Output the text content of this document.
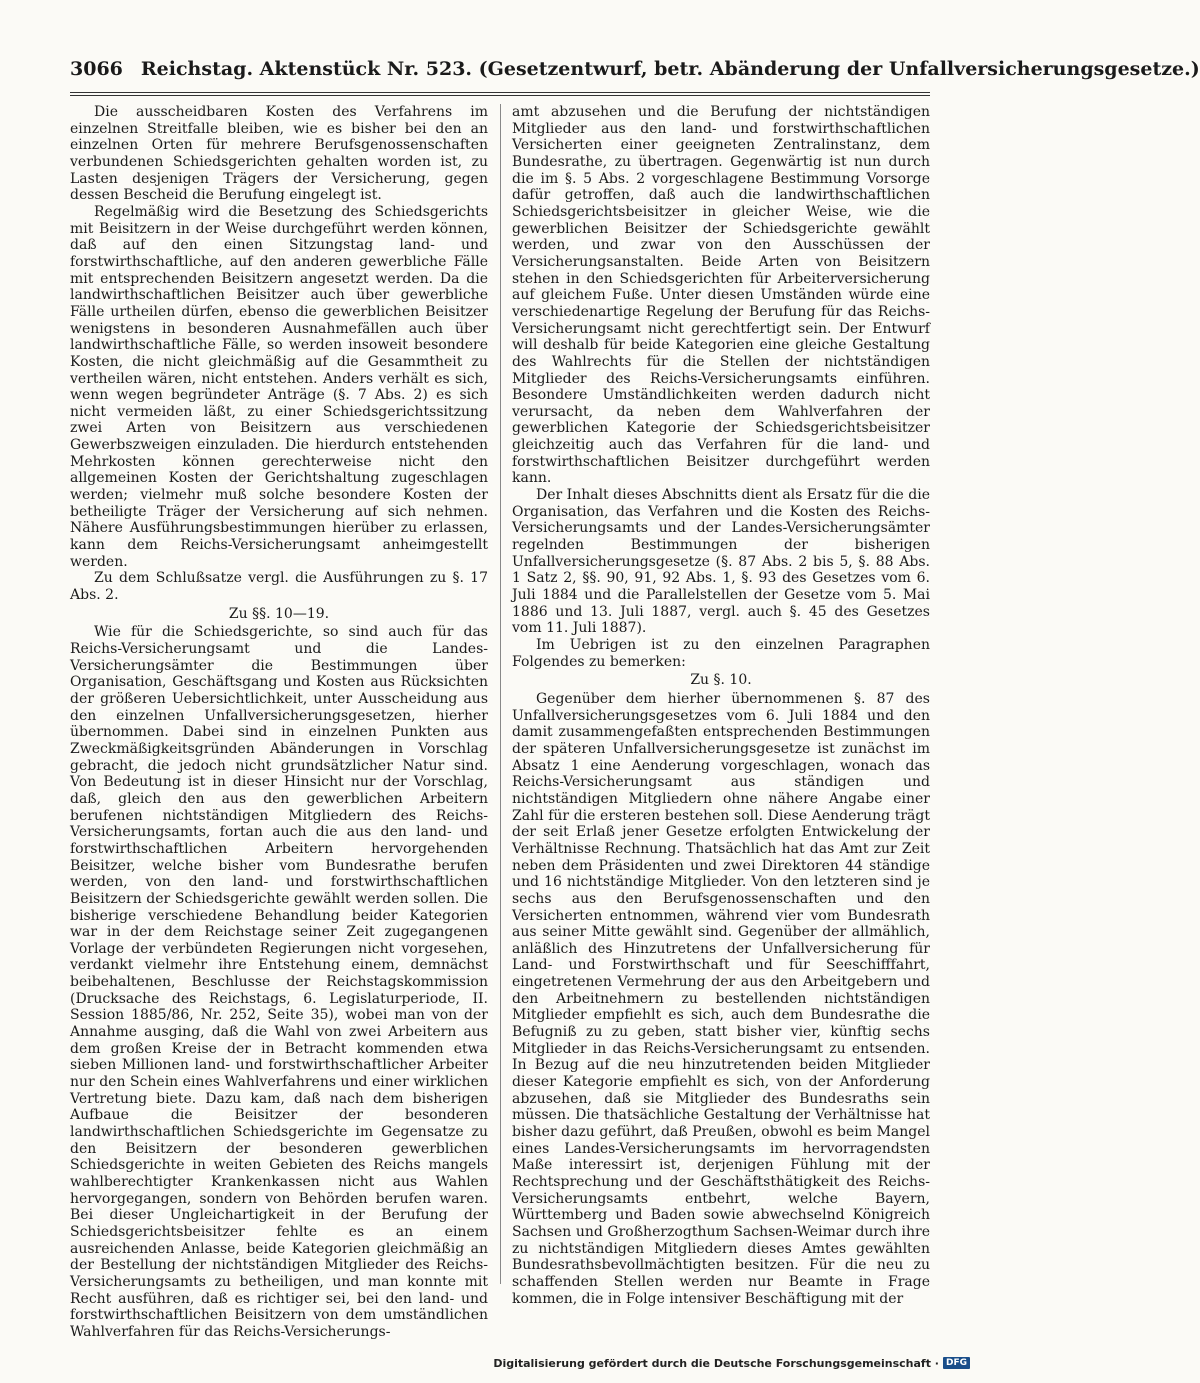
3066 Reichstag. Aktenstück Nr. 523. (Gesetzentwurf, betr. Abänderung der Unfallversicherungsgesetze.)

Die ausscheidbaren Kosten des Verfahrens im einzelnen Streitfalle bleiben, wie es bisher bei den an einzelnen Orten für mehrere Berufsgenossenschaften verbundenen Schiedsgerichten gehalten worden ist, zu Lasten desjenigen Trägers der Versicherung, gegen dessen Bescheid die Berufung eingelegt ist.

Regelmäßig wird die Besetzung des Schiedsgerichts mit Beisitzern in der Weise durchgeführt werden können, daß auf den einen Sitzungstag land- und forstwirthschaftliche, auf den anderen gewerbliche Fälle mit entsprechenden Beisitzern angesetzt werden. Da die landwirthschaftlichen Beisitzer auch über gewerbliche Fälle urtheilen dürfen, ebenso die gewerblichen Beisitzer wenigstens in besonderen Ausnahmefällen auch über landwirthschaftliche Fälle, so werden insoweit besondere Kosten, die nicht gleichmäßig auf die Gesammtheit zu vertheilen wären, nicht entstehen. Anders verhält es sich, wenn wegen begründeter Anträge (§. 7 Abs. 2) es sich nicht vermeiden läßt, zu einer Schiedsgerichtssitzung zwei Arten von Beisitzern aus verschiedenen Gewerbszweigen einzuladen. Die hierdurch entstehenden Mehrkosten können gerechterweise nicht den allgemeinen Kosten der Gerichtshaltung zugeschlagen werden; vielmehr muß solche besondere Kosten der betheiligte Träger der Versicherung auf sich nehmen. Nähere Ausführungsbestimmungen hierüber zu erlassen, kann dem Reichs-Versicherungsamt anheimgestellt werden.

Zu dem Schlußsatze vergl. die Ausführungen zu §. 17 Abs. 2.

Zu §§. 10—19.

Wie für die Schiedsgerichte, so sind auch für das Reichs-Versicherungsamt und die Landes-Versicherungsämter die Bestimmungen über Organisation, Geschäftsgang und Kosten aus Rücksichten der größeren Uebersichtlichkeit, unter Ausscheidung aus den einzelnen Unfallversicherungsgesetzen, hierher übernommen. Dabei sind in einzelnen Punkten aus Zweckmäßigkeitsgründen Abänderungen in Vorschlag gebracht, die jedoch nicht grundsätzlicher Natur sind. Von Bedeutung ist in dieser Hinsicht nur der Vorschlag, daß, gleich den aus den gewerblichen Arbeitern berufenen nichtständigen Mitgliedern des Reichs-Versicherungsamts, fortan auch die aus den land- und forstwirthschaftlichen Arbeitern hervorgehenden Beisitzer, welche bisher vom Bundesrathe berufen werden, von den land- und forstwirthschaftlichen Beisitzern der Schiedsgerichte gewählt werden sollen. Die bisherige verschiedene Behandlung beider Kategorien war in der dem Reichstage seiner Zeit zugegangenen Vorlage der verbündeten Regierungen nicht vorgesehen, verdankt vielmehr ihre Entstehung einem, demnächst beibehaltenen, Beschlusse der Reichstagskommission (Drucksache des Reichstags, 6. Legislaturperiode, II. Session 1885/86, Nr. 252, Seite 35), wobei man von der Annahme ausging, daß die Wahl von zwei Arbeitern aus dem großen Kreise der in Betracht kommenden etwa sieben Millionen land- und forstwirthschaftlicher Arbeiter nur den Schein eines Wahlverfahrens und einer wirklichen Vertretung biete. Dazu kam, daß nach dem bisherigen Aufbaue die Beisitzer der besonderen landwirthschaftlichen Schiedsgerichte im Gegensatze zu den Beisitzern der besonderen gewerblichen Schiedsgerichte in weiten Gebieten des Reichs mangels wahlberechtigter Krankenkassen nicht aus Wahlen hervorgegangen, sondern von Behörden berufen waren. Bei dieser Ungleichartigkeit in der Berufung der Schiedsgerichtsbeisitzer fehlte es an einem ausreichenden Anlasse, beide Kategorien gleichmäßig an der Bestellung der nichtständigen Mitglieder des Reichs-Versicherungsamts zu betheiligen, und man konnte mit Recht ausführen, daß es richtiger sei, bei den land- und forstwirthschaftlichen Beisitzern von dem umständlichen Wahlverfahren für das Reichs-Versicherungs-

amt abzusehen und die Berufung der nichtständigen Mitglieder aus den land- und forstwirthschaftlichen Versicherten einer geeigneten Zentralinstanz, dem Bundesrathe, zu übertragen. Gegenwärtig ist nun durch die im §. 5 Abs. 2 vorgeschlagene Bestimmung Vorsorge dafür getroffen, daß auch die landwirthschaftlichen Schiedsgerichtsbeisitzer in gleicher Weise, wie die gewerblichen Beisitzer der Schiedsgerichte gewählt werden, und zwar von den Ausschüssen der Versicherungsanstalten. Beide Arten von Beisitzern stehen in den Schiedsgerichten für Arbeiterversicherung auf gleichem Fuße. Unter diesen Umständen würde eine verschiedenartige Regelung der Berufung für das Reichs-Versicherungsamt nicht gerechtfertigt sein. Der Entwurf will deshalb für beide Kategorien eine gleiche Gestaltung des Wahlrechts für die Stellen der nichtständigen Mitglieder des Reichs-Versicherungsamts einführen. Besondere Umständlichkeiten werden dadurch nicht verursacht, da neben dem Wahlverfahren der gewerblichen Kategorie der Schiedsgerichtsbeisitzer gleichzeitig auch das Verfahren für die land- und forstwirthschaftlichen Beisitzer durchgeführt werden kann.

Der Inhalt dieses Abschnitts dient als Ersatz für die die Organisation, das Verfahren und die Kosten des Reichs-Versicherungsamts und der Landes-Versicherungsämter regelnden Bestimmungen der bisherigen Unfallversicherungsgesetze (§. 87 Abs. 2 bis 5, §. 88 Abs. 1 Satz 2, §§. 90, 91, 92 Abs. 1, §. 93 des Gesetzes vom 6. Juli 1884 und die Parallelstellen der Gesetze vom 5. Mai 1886 und 13. Juli 1887, vergl. auch §. 45 des Gesetzes vom 11. Juli 1887).

Im Uebrigen ist zu den einzelnen Paragraphen Folgendes zu bemerken:

Zu §. 10.

Gegenüber dem hierher übernommenen §. 87 des Unfallversicherungsgesetzes vom 6. Juli 1884 und den damit zusammengefaßten entsprechenden Bestimmungen der späteren Unfallversicherungsgesetze ist zunächst im Absatz 1 eine Aenderung vorgeschlagen, wonach das Reichs-Versicherungsamt aus ständigen und nichtständigen Mitgliedern ohne nähere Angabe einer Zahl für die ersteren bestehen soll. Diese Aenderung trägt der seit Erlaß jener Gesetze erfolgten Entwickelung der Verhältnisse Rechnung. Thatsächlich hat das Amt zur Zeit neben dem Präsidenten und zwei Direktoren 44 ständige und 16 nichtständige Mitglieder. Von den letzteren sind je sechs aus den Berufsgenossenschaften und den Versicherten entnommen, während vier vom Bundesrath aus seiner Mitte gewählt sind. Gegenüber der allmählich, anläßlich des Hinzutretens der Unfallversicherung für Land- und Forstwirthschaft und für Seeschifffahrt, eingetretenen Vermehrung der aus den Arbeitgebern und den Arbeitnehmern zu bestellenden nichtständigen Mitglieder empfiehlt es sich, auch dem Bundesrathe die Befugniß zu zu geben, statt bisher vier, künftig sechs Mitglieder in das Reichs-Versicherungsamt zu entsenden. In Bezug auf die neu hinzutretenden beiden Mitglieder dieser Kategorie empfiehlt es sich, von der Anforderung abzusehen, daß sie Mitglieder des Bundesraths sein müssen. Die thatsächliche Gestaltung der Verhältnisse hat bisher dazu geführt, daß Preußen, obwohl es beim Mangel eines Landes-Versicherungsamts im hervorragendsten Maße interessirt ist, derjenigen Fühlung mit der Rechtsprechung und der Geschäftsthätigkeit des Reichs-Versicherungsamts entbehrt, welche Bayern, Württemberg und Baden sowie abwechselnd Königreich Sachsen und Großherzogthum Sachsen-Weimar durch ihre zu nichtständigen Mitgliedern dieses Amtes gewählten Bundesrathsbevollmächtigten besitzen. Für die neu zu schaffenden Stellen werden nur Beamte in Frage kommen, die in Folge intensiver Beschäftigung mit der

Digitalisierung gefördert durch die Deutsche Forschungsgemeinschaft · DFG
